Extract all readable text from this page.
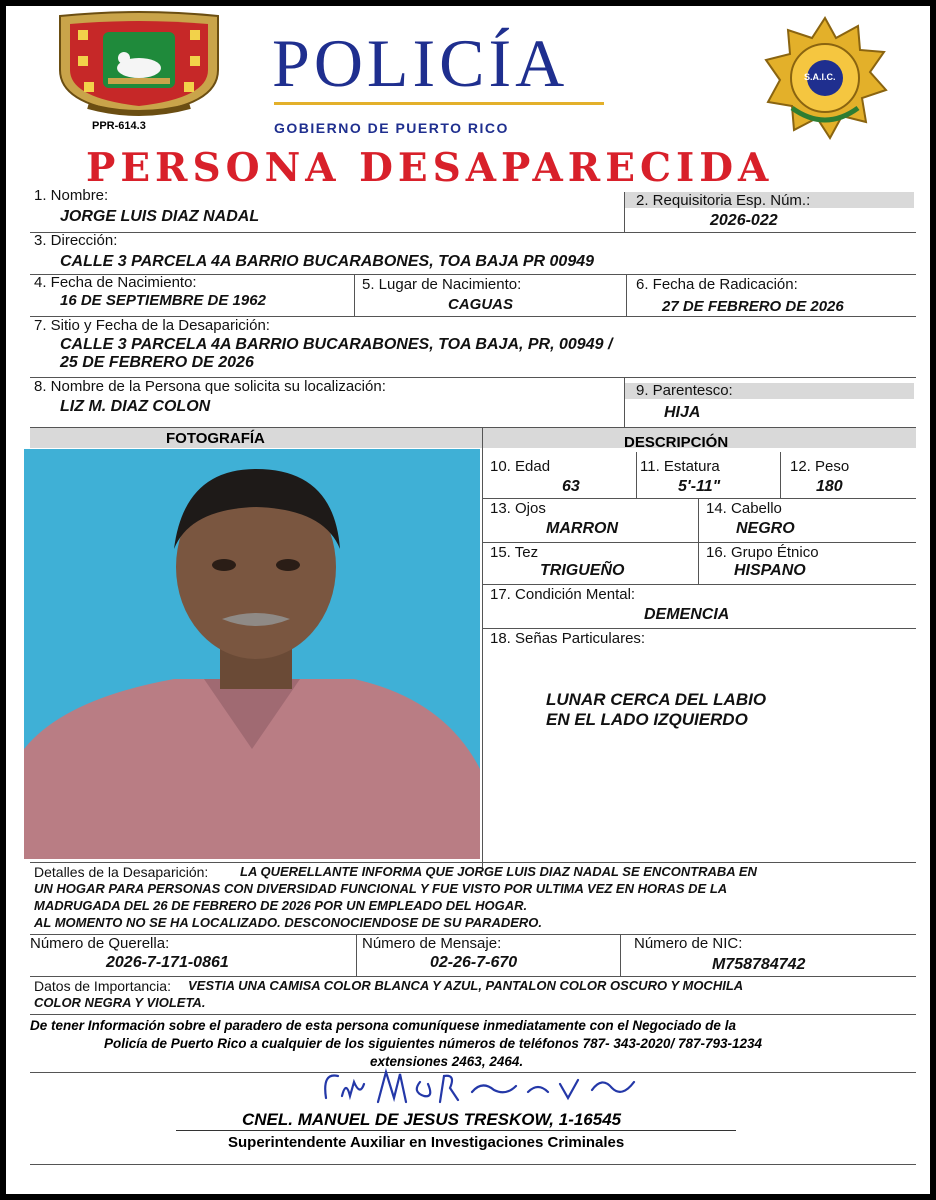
PPR-614.3
POLICÍA
GOBIERNO DE PUERTO RICO
S.A.I.C.
PERSONA DESAPARECIDA
1. Nombre:
JORGE LUIS DIAZ NADAL
2. Requisitoria Esp. Núm.:
2026-022
3. Dirección:
CALLE 3 PARCELA 4A BARRIO BUCARABONES, TOA BAJA PR 00949
4. Fecha de Nacimiento:
16 DE SEPTIEMBRE DE 1962
5. Lugar de Nacimiento:
CAGUAS
6. Fecha de Radicación:
27 DE FEBRERO DE 2026
7. Sitio y Fecha de la Desaparición:
CALLE 3 PARCELA 4A BARRIO BUCARABONES, TOA BAJA, PR, 00949 /
25 DE FEBRERO DE 2026
8. Nombre de la Persona que solicita su localización:
LIZ M. DIAZ COLON
9. Parentesco:
HIJA
FOTOGRAFÍA	DESCRIPCIÓN
10. Edad
63
11. Estatura
5'-11"
12. Peso
180
13. Ojos
MARRON
14. Cabello
NEGRO
15. Tez
TRIGUEÑO
16. Grupo Étnico
HISPANO
17. Condición Mental:
DEMENCIA
18. Señas Particulares:
LUNAR CERCA DEL LABIO
EN EL LADO IZQUIERDO
Detalles de la Desaparición: LA QUERELLANTE INFORMA QUE JORGE LUIS DIAZ NADAL SE ENCONTRABA EN
UN HOGAR PARA PERSONAS CON DIVERSIDAD FUNCIONAL Y FUE VISTO POR ULTIMA VEZ EN HORAS DE LA
MADRUGADA DEL 26 DE FEBRERO DE 2026 POR UN EMPLEADO DEL HOGAR.
AL MOMENTO NO SE HA LOCALIZADO. DESCONOCIENDOSE DE SU PARADERO.
Número de Querella:
2026-7-171-0861
Número de Mensaje:
02-26-7-670
Número de NIC:
M758784742
Datos de Importancia: VESTIA UNA CAMISA COLOR BLANCA Y AZUL, PANTALON COLOR OSCURO Y MOCHILA
COLOR NEGRA Y VIOLETA.
De tener Información sobre el paradero de esta persona comuníquese inmediatamente con el Negociado de la
Policía de Puerto Rico a cualquier de los siguientes números de teléfonos 787- 343-2020/ 787-793-1234
extensiones 2463, 2464.
CNEL. MANUEL DE JESUS TRESKOW, 1-16545
Superintendente Auxiliar en Investigaciones Criminales
